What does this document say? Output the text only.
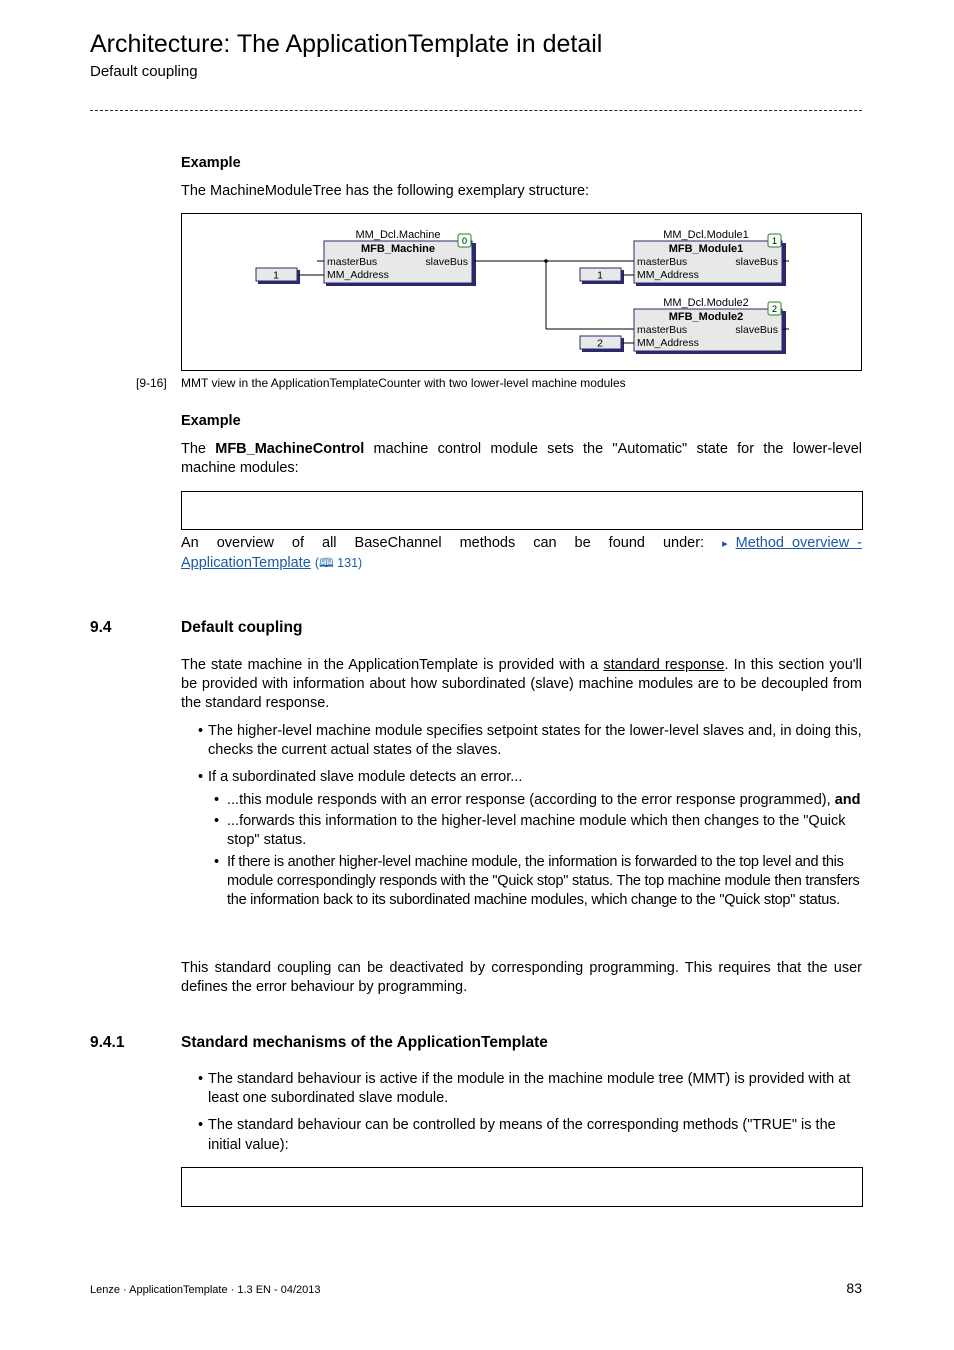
Architecture: The ApplicationTemplate in detail
Default coupling
Example
The MachineModuleTree has the following exemplary structure:
MM_Dcl.Machine
MFB_Machine
masterBus
MM_Address
slaveBus
0
1
MM_Dcl.Module1
MFB_Module1
masterBus
MM_Address
slaveBus
1
1
MM_Dcl.Module2
MFB_Module2
masterBus
MM_Address
slaveBus
2
2
[9-16] MMT view in the ApplicationTemplateCounter with two lower-level machine modules
Example
The MFB_MachineControl machine control module sets the "Automatic" state for the lower-level machine modules:
An overview of all BaseChannel methods can be found under: ▸ Method overview - ApplicationTemplate (🕮 131)
9.4	Default coupling
The state machine in the ApplicationTemplate is provided with a standard response. In this section you'll be provided with information about how subordinated (slave) machine modules are to be decoupled from the standard response.
• The higher-level machine module specifies setpoint states for the lower-level slaves and, in doing this, checks the current actual states of the slaves.
• If a subordinated slave module detects an error...
• ...this module responds with an error response (according to the error response programmed), and
• ...forwards this information to the higher-level machine module which then changes to the "Quick stop" status.
• If there is another higher-level machine module, the information is forwarded to the top level and this module correspondingly responds with the "Quick stop" status. The top machine module then transfers the information back to its subordinated machine modules, which change to the "Quick stop" status.
This standard coupling can be deactivated by corresponding programming. This requires that the user defines the error behaviour by programming.
9.4.1	Standard mechanisms of the ApplicationTemplate
• The standard behaviour is active if the module in the machine module tree (MMT) is provided with at least one subordinated slave module.
• The standard behaviour can be controlled by means of the corresponding methods ("TRUE" is the initial value):
Lenze · ApplicationTemplate · 1.3 EN - 04/2013	83
